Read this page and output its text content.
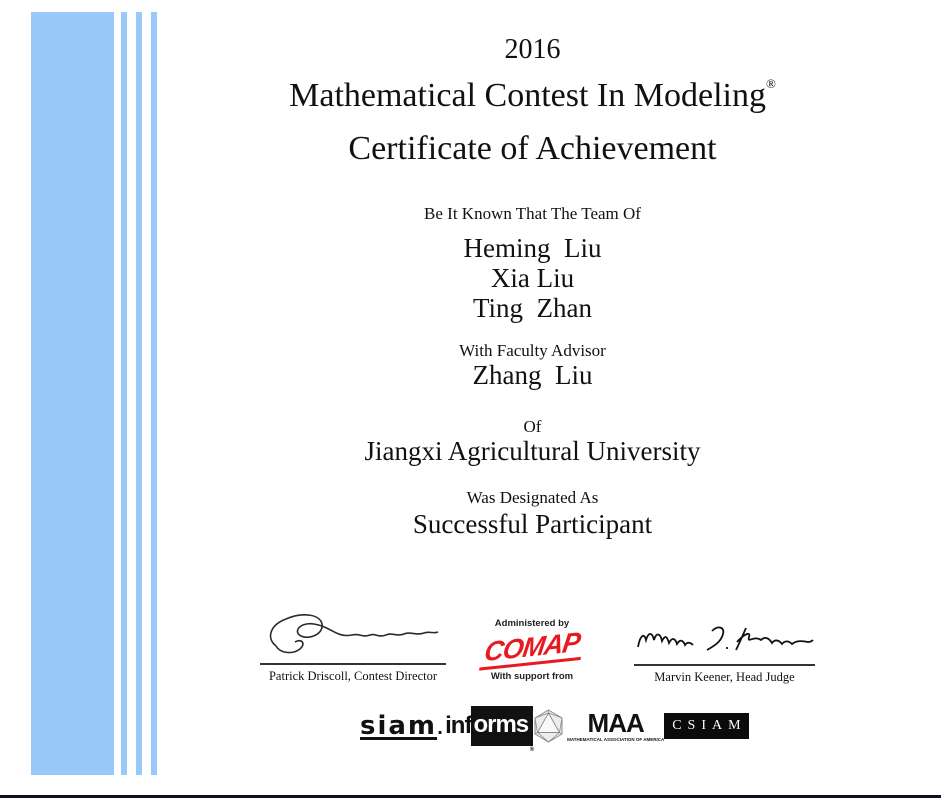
2016
Mathematical Contest In Modeling®
Certificate of Achievement
Be It Known That The Team Of
Heming  Liu
Xia Liu
Ting  Zhan
With Faculty Advisor
Zhang  Liu
Of
Jiangxi Agricultural University
Was Designated As
Successful Participant
Patrick Driscoll, Contest Director
Administered by
COMAP
With support from	Marvin Keener, Head Judge
siam. inf orms
®
MAA
MATHEMATICAL ASSOCIATION OF AMERICA
CSIAM
